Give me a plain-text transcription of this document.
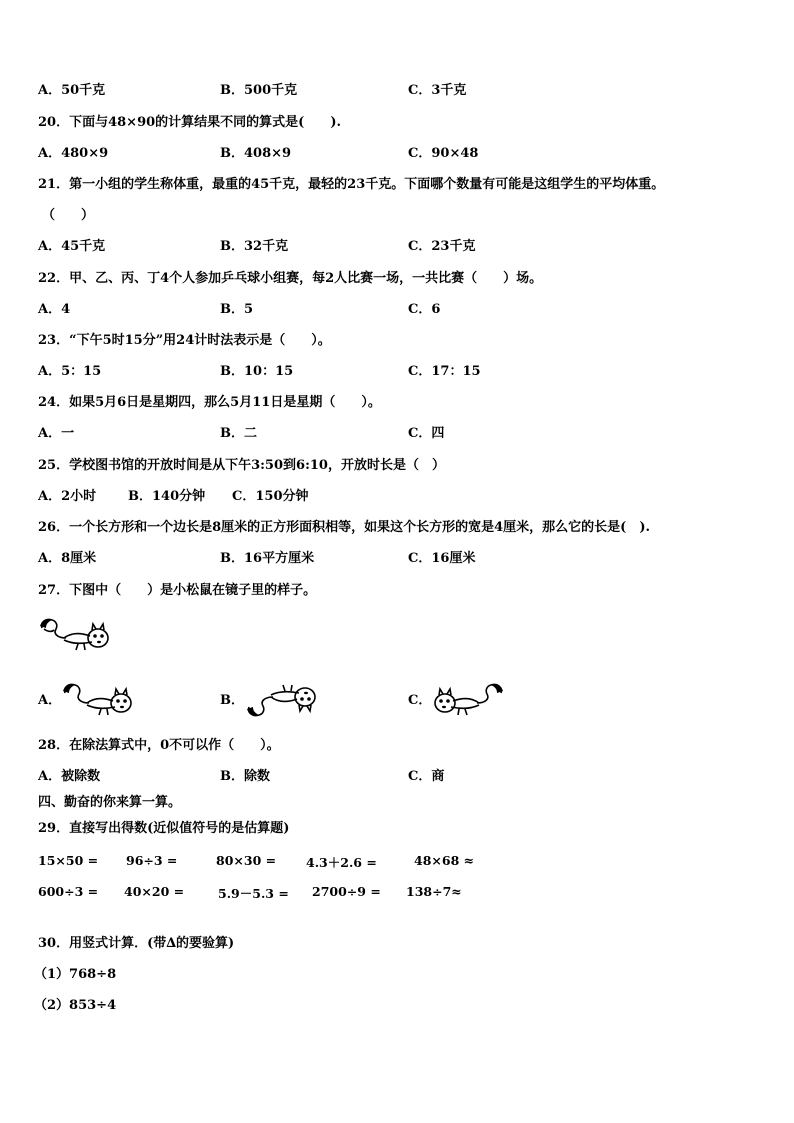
A．50千克	B．500千克	C．3千克
20．下面与48×90的计算结果不同的算式是(　　).
A．480×9	B．408×9	C．90×48
21．第一小组的学生称体重，最重的45千克，最轻的23千克。下面哪个数量有可能是这组学生的平均体重。
（　　）
A．45千克	B．32千克	C．23千克
22．甲、乙、丙、丁4个人参加乒乓球小组赛，每2人比赛一场，一共比赛（　　）场。
A．4	B．5	C．6
23．“下午5时15分”用24计时法表示是（　　）。
A．5：15	B．10：15	C．17：15
24．如果5月6日是星期四，那么5月11日是星期（　　）。
A．一	B．二	C．四
25．学校图书馆的开放时间是从下午3:50到6:10，开放时长是（　）
A．2小时 B．140分钟 C．150分钟
26．一个长方形和一个边长是8厘米的正方形面积相等，如果这个长方形的宽是4厘米，那么它的长是(　).
A．8厘米	B．16平方厘米	C．16厘米
27．下图中（　　）是小松鼠在镜子里的样子。
A．	B．	C．
28．在除法算式中，0不可以作（　　）。
A．被除数	B．除数	C．商
四、勤奋的你来算一算。
29．直接写出得数(近似值符号的是估算题)
15×50 = 96÷3 =	80×30 = 4.3＋2.6 =	48×68 ≈
600÷3 = 40×20 =	5.9－5.3 = 2700÷9 = 138÷7≈
30．用竖式计算．(带∆的要验算)
（1）768÷8
（2）853÷4
